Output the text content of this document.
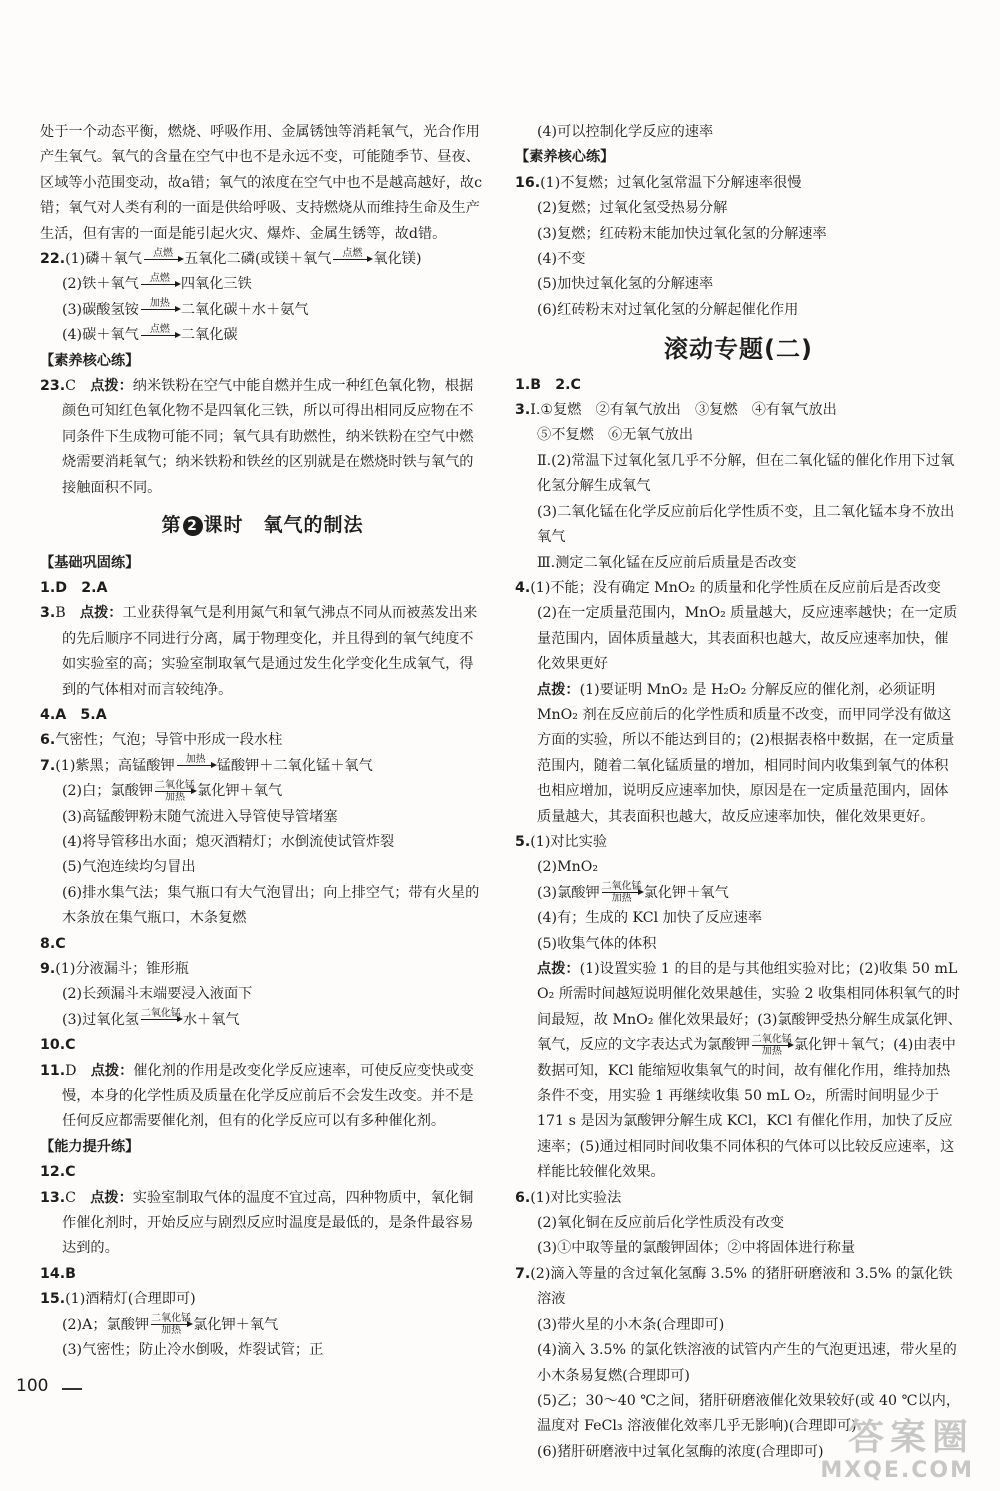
处于一个动态平衡，燃烧、呼吸作用、金属锈蚀等消耗氧气，光合作用产生氧气。氧气的含量在空气中也不是永远不变，可能随季节、昼夜、区域等小范围变动，故a错；氧气的浓度在空气中也不是越高越好，故c错；氧气对人类有利的一面是供给呼吸、支持燃烧从而维持生命及生产生活，但有害的一面是能引起火灾、爆炸、金属生锈等，故d错。

22.(1)磷＋氧气 点燃 五氧化二磷(或镁＋氧气 点燃 氧化镁)
(2)铁＋氧气 点燃 四氧化三铁
(3)碳酸氢铵 加热 二氧化碳＋水＋氨气
(4)碳＋氧气 点燃 二氧化碳

【素养核心练】

23.C　 点拨：纳米铁粉在空气中能自燃并生成一种红色氧化物，根据颜色可知红色氧化物不是四氧化三铁，所以可得出相同反应物在不同条件下生成物可能不同；氧气具有助燃性，纳米铁粉在空气中燃烧需要消耗氧气；纳米铁粉和铁丝的区别就是在燃烧时铁与氧气的接触面积不同。
第 2 课时　氧气的制法

【基础巩固练】

1.D　2.A

3.B　 点拨：工业获得氧气是利用氮气和氧气沸点不同从而被蒸发出来的先后顺序不同进行分离，属于物理变化，并且得到的氧气纯度不如实验室的高；实验室制取氧气是通过发生化学变化生成氧气，得到的气体相对而言较纯净。

4.A　5.A

6.气密性；气泡；导管中形成一段水柱
7.(1)紫黑；高锰酸钾 加热 锰酸钾＋二氧化锰＋氧气
(2)白；氯酸钾 二氧化锰
加热 氯化钾＋氧气
(3)高锰酸钾粉末随气流进入导管使导管堵塞
(4)将导管移出水面；熄灭酒精灯；水倒流使试管炸裂
(5)气泡连续均匀冒出
(6)排水集气法；集气瓶口有大气泡冒出；向上排空气；带有火星的木条放在集气瓶口，木条复燃

8.C

9.(1)分液漏斗；锥形瓶
(2)长颈漏斗末端要浸入液面下
(3)过氧化氢 二氧化锰 水＋氧气

10.C

11.D　 点拨：催化剂的作用是改变化学反应速率，可使反应变快或变慢，本身的化学性质及质量在化学反应前后不会发生改变。并不是任何反应都需要催化剂，但有的化学反应可以有多种催化剂。

【能力提升练】

12.C

13.C　 点拨：实验室制取气体的温度不宜过高，四种物质中，氧化铜作催化剂时，开始反应与剧烈反应时温度是最低的，是条件最容易达到的。

14.B

15.(1)酒精灯(合理即可)
(2)A；氯酸钾 二氧化锰
加热 氯化钾＋氧气
(3)气密性；防止冷水倒吸，炸裂试管；正
(4)可以控制化学反应的速率

【素养核心练】

16.(1)不复燃；过氧化氢常温下分解速率很慢
(2)复燃；过氧化氢受热易分解
(3)复燃；红砖粉末能加快过氧化氢的分解速率
(4)不变
(5)加快过氧化氢的分解速率
(6)红砖粉末对过氧化氢的分解起催化作用
滚动专题(二)

1.B　2.C

3.Ⅰ.①复燃　②有氧气放出　③复燃　④有氧气放出
⑤不复燃　⑥无氧气放出
Ⅱ.(2)常温下过氧化氢几乎不分解，但在二氧化锰的催化作用下过氧化氢分解生成氧气
(3)二氧化锰在化学反应前后化学性质不变，且二氧化锰本身不放出氧气
Ⅲ.测定二氧化锰在反应前后质量是否改变
4.(1)不能；没有确定 MnO₂ 的质量和化学性质在反应前后是否改变
(2)在一定质量范围内，MnO₂ 质量越大，反应速率越快；在一定质量范围内，固体质量越大，其表面积也越大，故反应速率加快，催化效果更好
点拨：(1)要证明 MnO₂ 是 H₂O₂ 分解反应的催化剂，必须证明 MnO₂ 剂在反应前后的化学性质和质量不改变，而甲同学没有做这方面的实验，所以不能达到目的；(2)根据表格中数据，在一定质量范围内，随着二氧化锰质量的增加，相同时间内收集到氧气的体积也相应增加，说明反应速率加快，原因是在一定质量范围内，固体质量越大，其表面积也越大，故反应速率加快，催化效果更好。
5.(1)对比实验
(2)MnO₂
(3)氯酸钾 二氧化锰
加热 氯化钾＋氧气
(4)有；生成的 KCl 加快了反应速率
(5)收集气体的体积
点拨：(1)设置实验 1 的目的是与其他组实验对比；(2)收集 50 mL O₂ 所需时间越短说明催化效果越佳，实验 2 收集相同体积氧气的时间最短，故 MnO₂ 催化效果最好；(3)氯酸钾受热分解生成氯化钾、氧气，反应的文字表达式为氯酸钾 二氧化锰
加热 氯化钾＋氧气；(4)由表中数据可知，KCl 能缩短收集氧气的时间，故有催化作用，维持加热条件不变，用实验 1 再继续收集 50 mL O₂，所需时间明显少于 171 s 是因为氯酸钾分解生成 KCl，KCl 有催化作用，加快了反应速率；(5)通过相同时间收集不同体积的气体可以比较反应速率，这样能比较催化效果。
6.(1)对比实验法
(2)氧化铜在反应前后化学性质没有改变
(3)①中取等量的氯酸钾固体；②中将固体进行称量
7.(2)滴入等量的含过氧化氢酶 3.5% 的猪肝研磨液和 3.5% 的氯化铁溶液
(3)带火星的小木条(合理即可)
(4)滴入 3.5% 的氯化铁溶液的试管内产生的气泡更迅速，带火星的小木条易复燃(合理即可)
(5)乙；30～40 ℃之间，猪肝研磨液催化效果较好(或 40 ℃以内，温度对 FeCl₃ 溶液催化效率几乎无影响)(合理即可)
(6)猪肝研磨液中过氧化氢酶的浓度(合理即可)
100
答案圈
MXQE.COM
